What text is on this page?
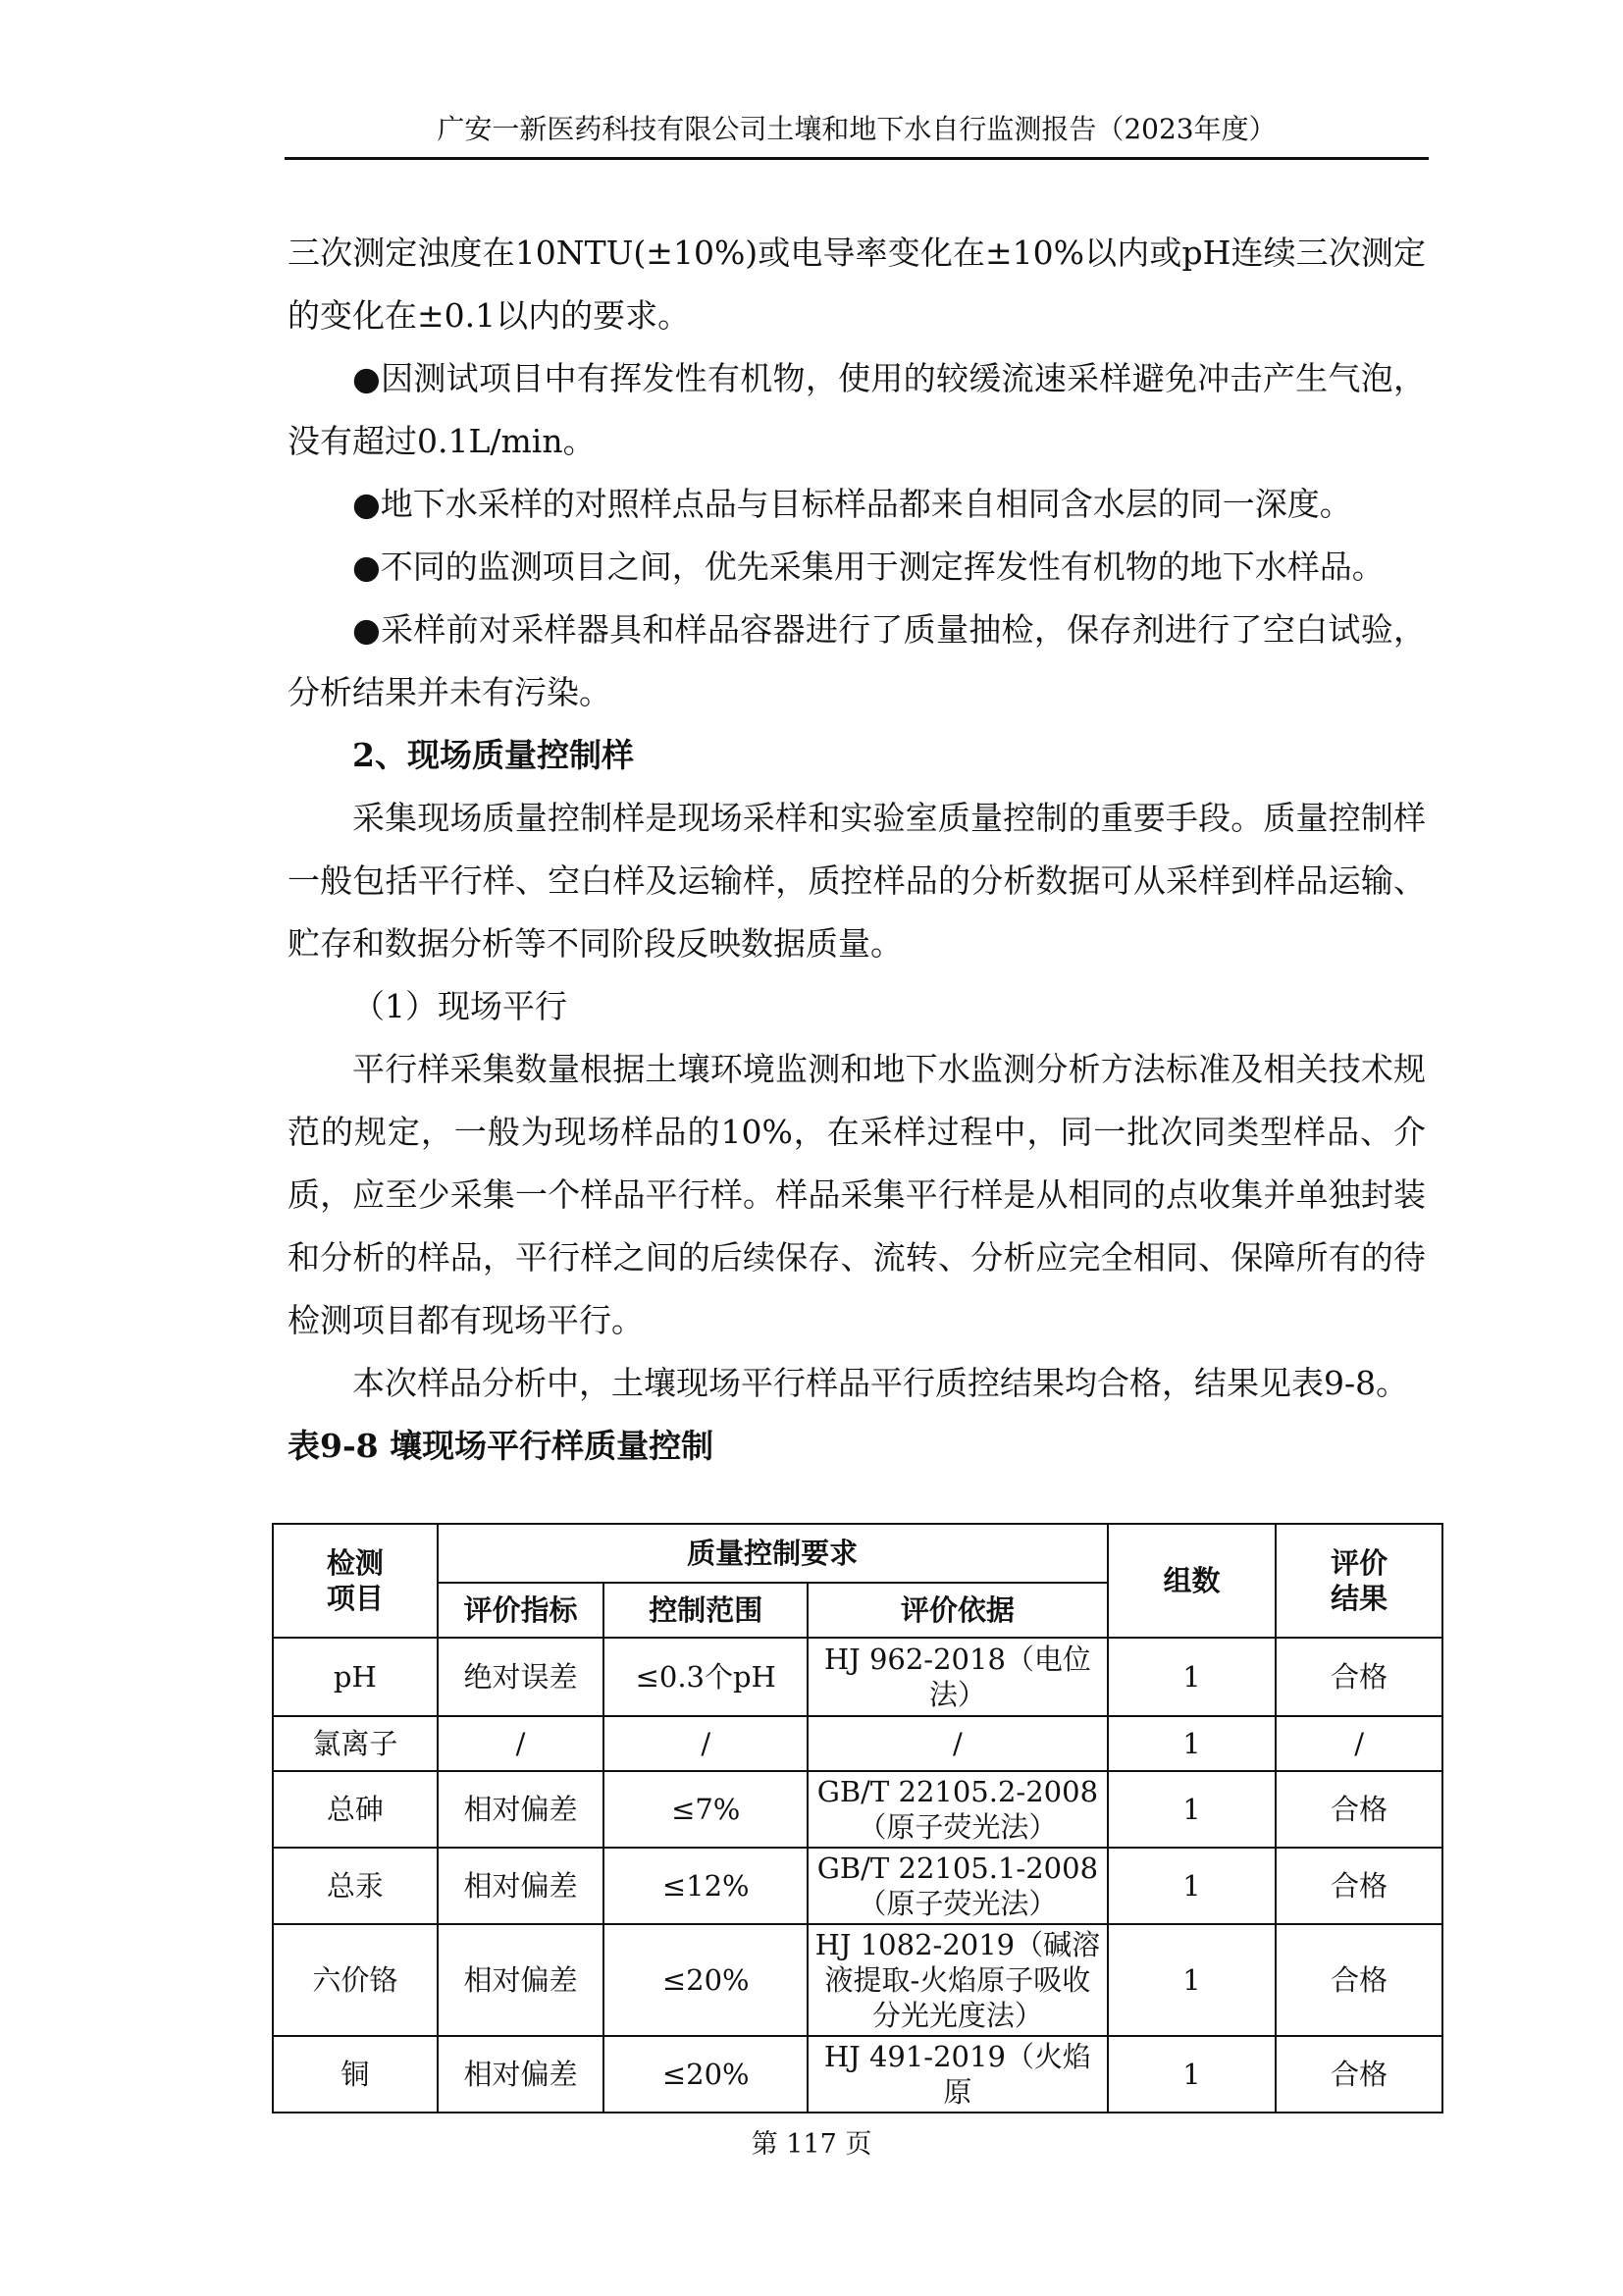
广安一新医药科技有限公司土壤和地下水自行监测报告（2023年度）

三次测定浊度在10NTU(±10%)或电导率变化在±10%以内或pH连续三次测定的变化在±0.1以内的要求。

●因测试项目中有挥发性有机物，使用的较缓流速采样避免冲击产生气泡，没有超过0.1L/min。

●地下水采样的对照样点品与目标样品都来自相同含水层的同一深度。

●不同的监测项目之间，优先采集用于测定挥发性有机物的地下水样品。

●采样前对采样器具和样品容器进行了质量抽检，保存剂进行了空白试验，分析结果并未有污染。

2、现场质量控制样

采集现场质量控制样是现场采样和实验室质量控制的重要手段。质量控制样一般包括平行样、空白样及运输样，质控样品的分析数据可从采样到样品运输、贮存和数据分析等不同阶段反映数据质量。

（1）现场平行

平行样采集数量根据土壤环境监测和地下水监测分析方法标准及相关技术规范的规定，一般为现场样品的10%，在采样过程中，同一批次同类型样品、介质，应至少采集一个样品平行样。样品采集平行样是从相同的点收集并单独封装和分析的样品，平行样之间的后续保存、流转、分析应完全相同、保障所有的待检测项目都有现场平行。

本次样品分析中，土壤现场平行样品平行质控结果均合格，结果见表9-8。

表9-8 壤现场平行样质量控制

检测
项目	质量控制要求			组数	评价
结果
	评价指标	控制范围	评价依据		
pH	绝对误差	≤0.3个pH	HJ 962-2018（电位法）	1	合格
氯离子	/	/	/	1	/
总砷	相对偏差	≤7%	GB/T 22105.2-2008（原子荧光法）	1	合格
总汞	相对偏差	≤12%	GB/T 22105.1-2008（原子荧光法）	1	合格
六价铬	相对偏差	≤20%	HJ 1082-2019（碱溶液提取-火焰原子吸收分光光度法）	1	合格
铜	相对偏差	≤20%	HJ 491-2019（火焰原	1	合格
第 117 页
